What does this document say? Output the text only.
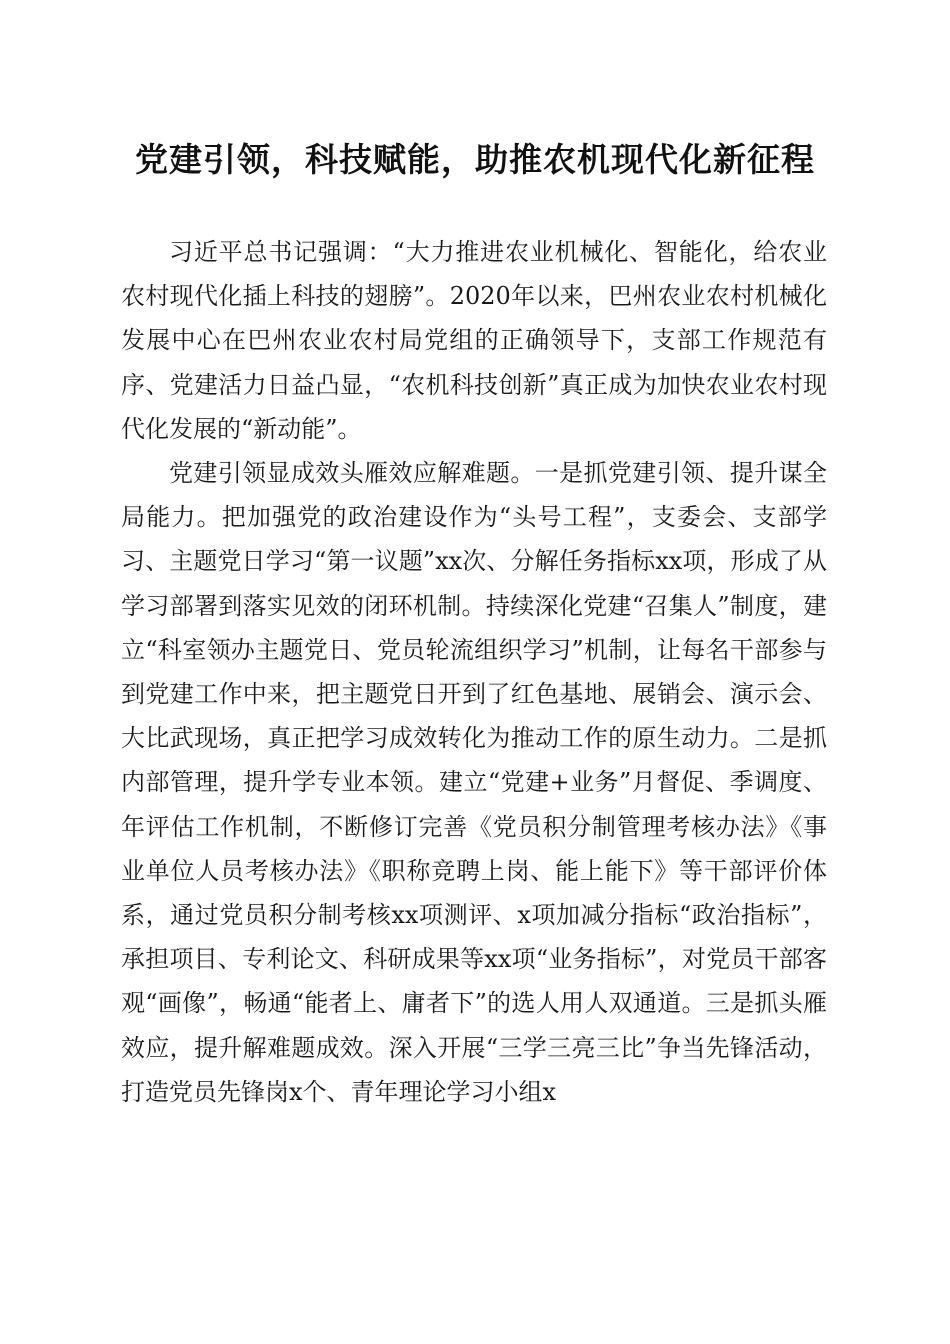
党建引领，科技赋能，助推农机现代化新征程

习近平总书记强调：“大力推进农业机械化、智能化，给农业农村现代化插上科技的翅膀”。2020年以来，巴州农业农村机械化发展中心在巴州农业农村局党组的正确领导下，支部工作规范有序、党建活力日益凸显，“农机科技创新”真正成为加快农业农村现代化发展的“新动能”。

党建引领显成效头雁效应解难题。一是抓党建引领、提升谋全局能力。把加强党的政治建设作为“头号工程”，支委会、支部学习、主题党日学习“第一议题”xx次、分解任务指标xx项，形成了从学习部署到落实见效的闭环机制。持续深化党建“召集人”制度，建立“科室领办主题党日、党员轮流组织学习”机制，让每名干部参与到党建工作中来，把主题党日开到了红色基地、展销会、演示会、大比武现场，真正把学习成效转化为推动工作的原生动力。二是抓内部管理，提升学专业本领。建立“党建+业务”月督促、季调度、年评估工作机制，不断修订完善《党员积分制管理考核办法》《事业单位人员考核办法》《职称竞聘上岗、能上能下》等干部评价体系，通过党员积分制考核xx项测评、x项加减分指标“政治指标”，承担项目、专利论文、科研成果等xx项“业务指标”，对党员干部客观“画像”，畅通“能者上、庸者下”的选人用人双通道。三是抓头雁效应，提升解难题成效。深入开展“三学三亮三比”争当先锋活动，打造党员先锋岗x个、青年理论学习小组x
